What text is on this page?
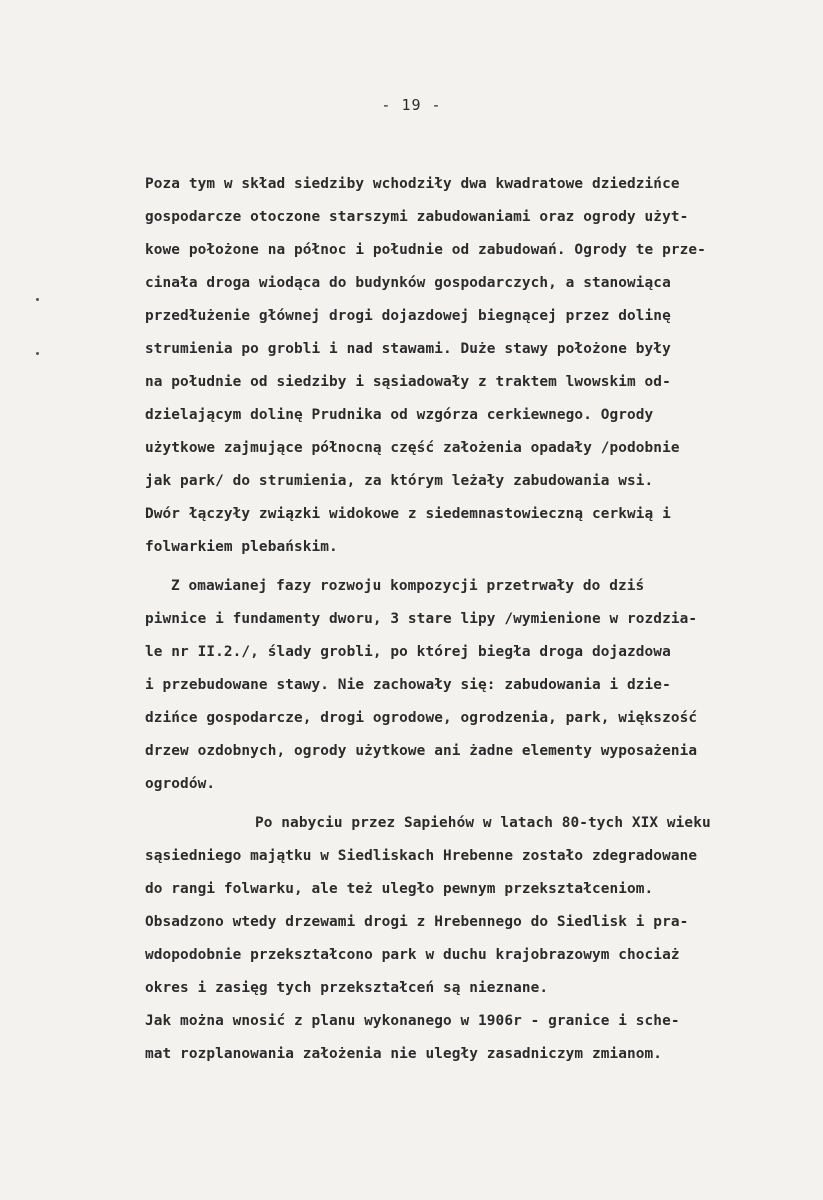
- 19 -
Poza tym w skład siedziby wchodziły dwa kwadratowe dziedzińce
gospodarcze otoczone starszymi zabudowaniami oraz ogrody użyt-
kowe położone na północ i południe od zabudowań. Ogrody te prze-
cinała droga wiodąca do budynków gospodarczych, a stanowiąca
przedłużenie głównej drogi dojazdowej biegnącej przez dolinę
strumienia po grobli i nad stawami. Duże stawy położone były
na południe od siedziby i sąsiadowały z traktem lwowskim od-
dzielającym dolinę Prudnika od wzgórza cerkiewnego. Ogrody
użytkowe zajmujące północną część założenia opadały /podobnie
jak park/ do strumienia, za którym leżały zabudowania wsi.
Dwór łączyły związki widokowe z siedemnastowieczną cerkwią i
folwarkiem plebańskim.
Z omawianej fazy rozwoju kompozycji przetrwały do dziś
piwnice i fundamenty dworu, 3 stare lipy /wymienione w rozdzia-
le nr II.2./, ślady grobli, po której biegła droga dojazdowa
i przebudowane stawy. Nie zachowały się: zabudowania i dzie-
dzińce gospodarcze, drogi ogrodowe, ogrodzenia, park, większość
drzew ozdobnych, ogrody użytkowe ani żadne elementy wyposażenia
ogrodów.
Po nabyciu przez Sapiehów w latach 80-tych XIX wieku
sąsiedniego majątku w Siedliskach Hrebenne zostało zdegradowane
do rangi folwarku, ale też uległo pewnym przekształceniom.
Obsadzono wtedy drzewami drogi z Hrebennego do Siedlisk i pra-
wdopodobnie przekształcono park w duchu krajobrazowym chociaż
okres i zasięg tych przekształceń są nieznane.
Jak można wnosić z planu wykonanego w 1906r - granice i sche-
mat rozplanowania założenia nie uległy zasadniczym zmianom.
